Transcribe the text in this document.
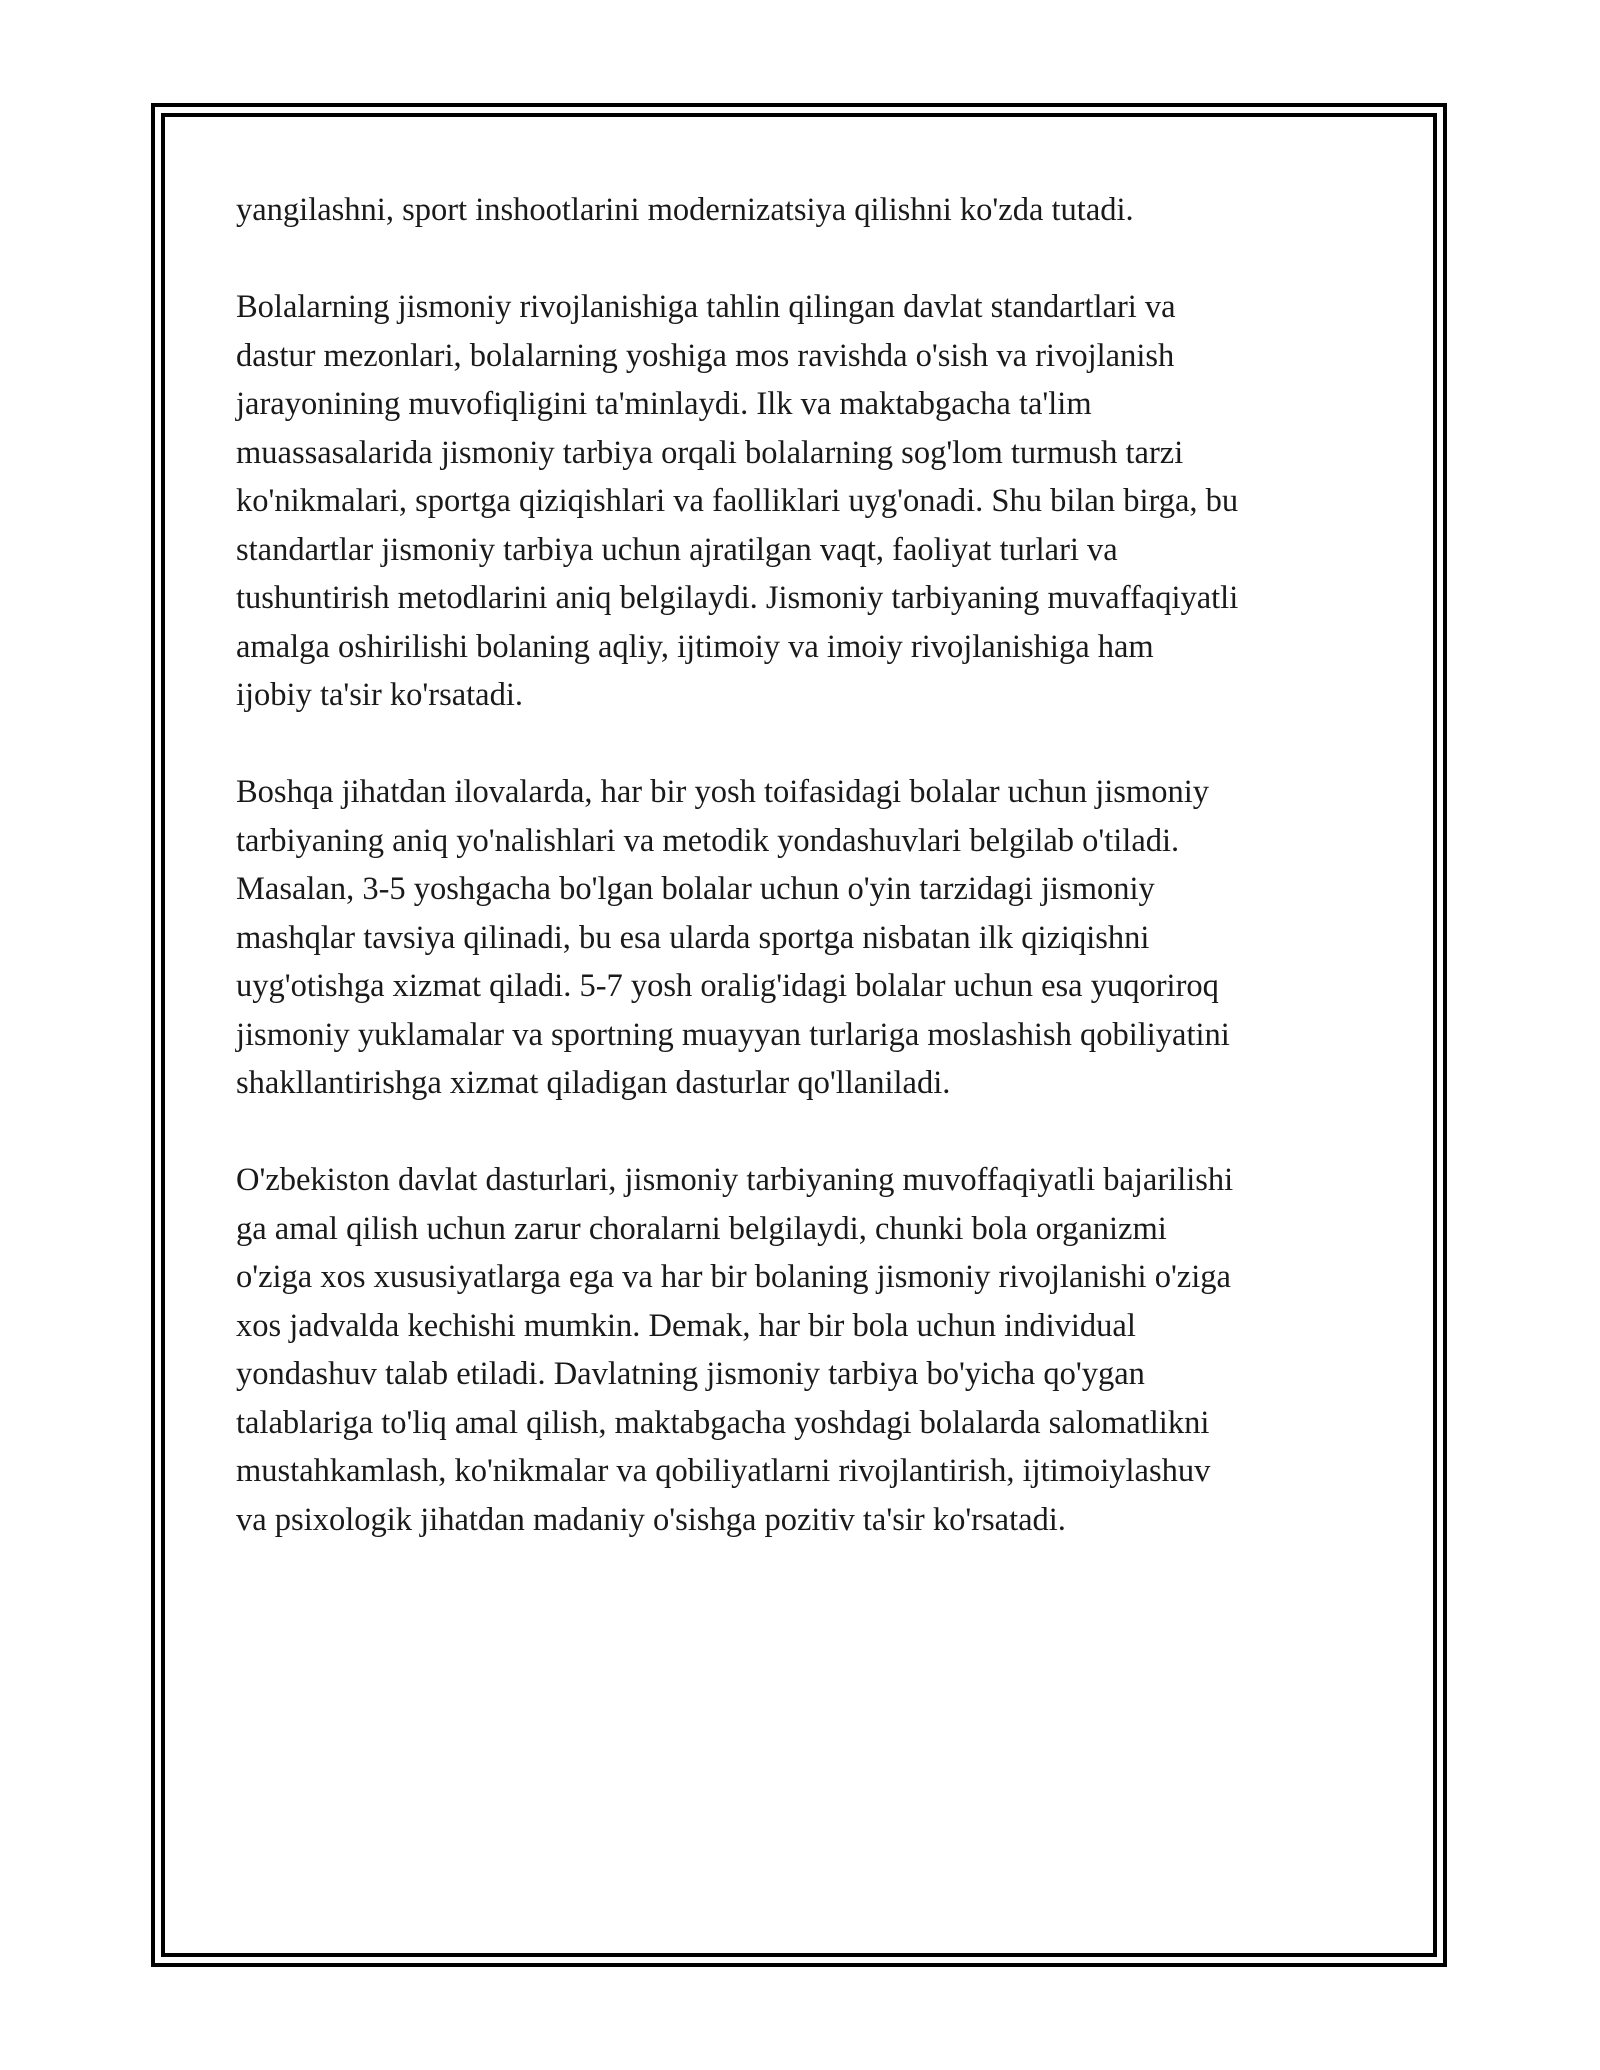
yangilashni, sport inshootlarini modernizatsiya qilishni ko'zda tutadi.
Bolalarning jismoniy rivojlanishiga tahlin qilingan davlat standartlari va
dastur mezonlari, bolalarning yoshiga mos ravishda o'sish va rivojlanish
jarayonining muvofiqligini ta'minlaydi. Ilk va maktabgacha ta'lim
muassasalarida jismoniy tarbiya orqali bolalarning sog'lom turmush tarzi
ko'nikmalari, sportga qiziqishlari va faolliklari uyg'onadi. Shu bilan birga, bu
standartlar jismoniy tarbiya uchun ajratilgan vaqt, faoliyat turlari va
tushuntirish metodlarini aniq belgilaydi. Jismoniy tarbiyaning muvaffaqiyatli
amalga oshirilishi bolaning aqliy, ijtimoiy va imoiy rivojlanishiga ham
ijobiy ta'sir ko'rsatadi.
Boshqa jihatdan ilovalarda, har bir yosh toifasidagi bolalar uchun jismoniy
tarbiyaning aniq yo'nalishlari va metodik yondashuvlari belgilab o'tiladi.
Masalan, 3-5 yoshgacha bo'lgan bolalar uchun o'yin tarzidagi jismoniy
mashqlar tavsiya qilinadi, bu esa ularda sportga nisbatan ilk qiziqishni
uyg'otishga xizmat qiladi. 5-7 yosh oralig'idagi bolalar uchun esa yuqoriroq
jismoniy yuklamalar va sportning muayyan turlariga moslashish qobiliyatini
shakllantirishga xizmat qiladigan dasturlar qo'llaniladi.
O'zbekiston davlat dasturlari, jismoniy tarbiyaning muvoffaqiyatli bajarilishi
ga amal qilish uchun zarur choralarni belgilaydi, chunki bola organizmi
o'ziga xos xususiyatlarga ega va har bir bolaning jismoniy rivojlanishi o'ziga
xos jadvalda kechishi mumkin. Demak, har bir bola uchun individual
yondashuv talab etiladi. Davlatning jismoniy tarbiya bo'yicha qo'ygan
talablariga to'liq amal qilish, maktabgacha yoshdagi bolalarda salomatlikni
mustahkamlash, ko'nikmalar va qobiliyatlarni rivojlantirish, ijtimoiylashuv
va psixologik jihatdan madaniy o'sishga pozitiv ta'sir ko'rsatadi.
